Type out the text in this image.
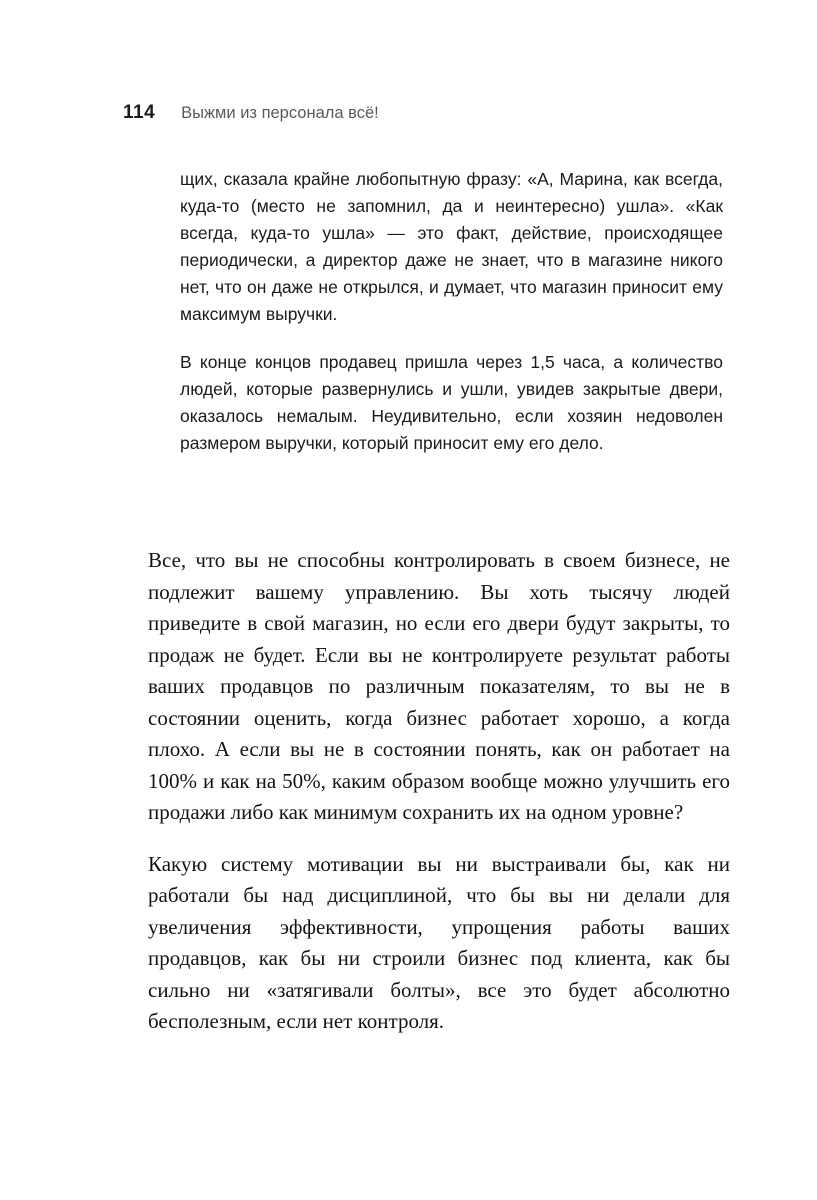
114 Выжми из персонала всё!

щих, сказала крайне любопытную фразу: «А, Марина, как всегда, куда-то (место не запомнил, да и неинтересно) ушла». «Как всегда, куда-то ушла» — это факт, действие, происходящее периодически, а директор даже не знает, что в магазине никого нет, что он даже не открылся, и думает, что магазин приносит ему максимум выручки.

В конце концов продавец пришла через 1,5 часа, а количество людей, которые развернулись и ушли, увидев закрытые двери, оказалось немалым. Неудивительно, если хозяин недоволен размером выручки, который приносит ему его дело.

Все, что вы не способны контролировать в своем бизнесе, не подлежит вашему управлению. Вы хоть тысячу людей приведите в свой магазин, но если его двери будут закрыты, то продаж не будет. Если вы не контролируете результат работы ваших продавцов по различным показателям, то вы не в состоянии оценить, когда бизнес работает хорошо, а когда плохо. А если вы не в состоянии понять, как он работает на 100% и как на 50%, каким образом вообще можно улучшить его продажи либо как минимум сохранить их на одном уровне?

Какую систему мотивации вы ни выстраивали бы, как ни работали бы над дисциплиной, что бы вы ни делали для увеличения эффективности, упрощения работы ваших продавцов, как бы ни строили бизнес под клиента, как бы сильно ни «затягивали болты», все это будет абсолютно бесполезным, если нет контроля.
